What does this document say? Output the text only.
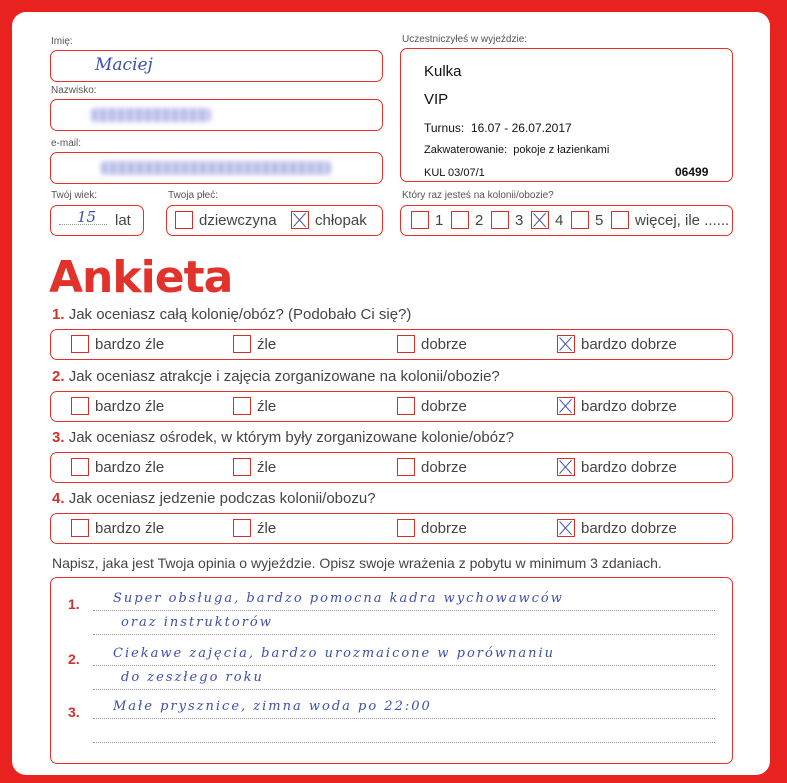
Imię:
Maciej
Nazwisko:
e-mail:
Twój wiek:
15 lat
Twoja płeć:
dziewczyna	chłopak
Uczestniczyłeś w wyjeździe:
Kulka
VIP
Turnus: 16.07 - 26.07.2017
Zakwaterowanie: pokoje z łazienkami
KUL 03/07/1	06499
Który raz jesteś na kolonii/obozie?
1	2	3	4	5	więcej, ile ......
Ankieta
1. Jak oceniasz całą kolonię/obóz? (Podobało Ci się?)
bardzo źle	źle	dobrze	bardzo dobrze
2. Jak oceniasz atrakcje i zajęcia zorganizowane na kolonii/obozie?
bardzo źle	źle	dobrze	bardzo dobrze
3. Jak oceniasz ośrodek, w którym były zorganizowane kolonie/obóz?
bardzo źle	źle	dobrze	bardzo dobrze
4. Jak oceniasz jedzenie podczas kolonii/obozu?
bardzo źle	źle	dobrze	bardzo dobrze
Napisz, jaka jest Twoja opinia o wyjeździe. Opisz swoje wrażenia z pobytu w minimum 3 zdaniach.
1.	Super obsługa, bardzo pomocna kadra wychowawców
oraz instruktorów
2.	Ciekawe zajęcia, bardzo urozmaicone w porównaniu
do zeszłego roku
3.	Małe prysznice, zimna woda po 22:00
